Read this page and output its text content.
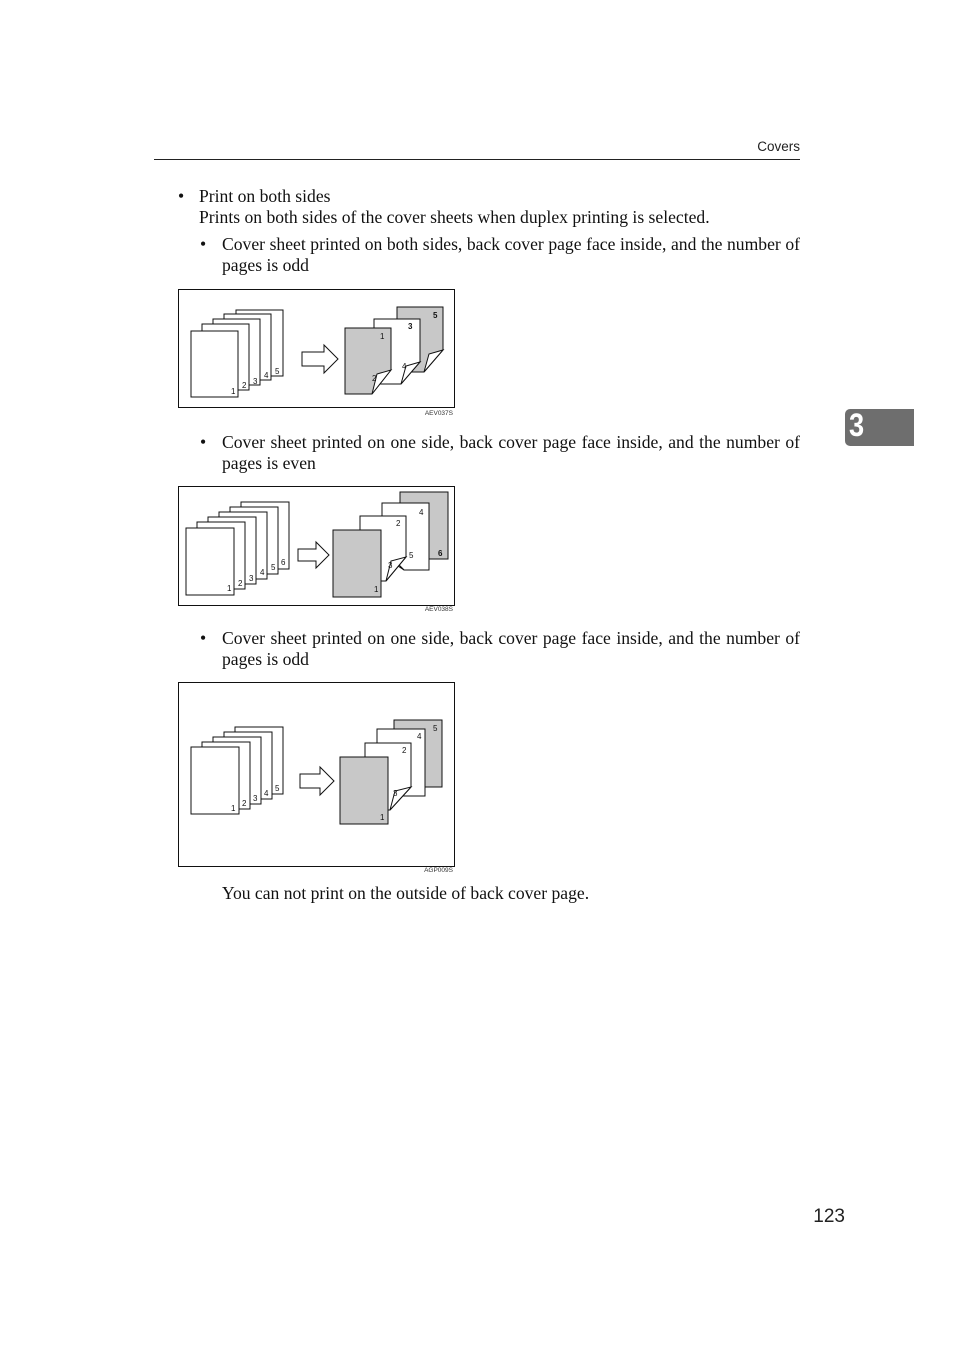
Covers
3
• Print on both sides
Prints on both sides of the cover sheets when duplex printing is selected.
• Cover sheet printed on both sides, back cover page face inside, and the number of pages is odd
1
2 3
4 5
1
2
3
4
5
AEV037S
• Cover sheet printed on one side, back cover page face inside, and the number of pages is even
1
2
3
4
5
6
1
2
3
4
5	6
AEV038S
• Cover sheet printed on one side, back cover page face inside, and the number of pages is odd
1
2
3
4
5
1
2
3
4
5
AGP009S
You can not print on the outside of back cover page.
123
